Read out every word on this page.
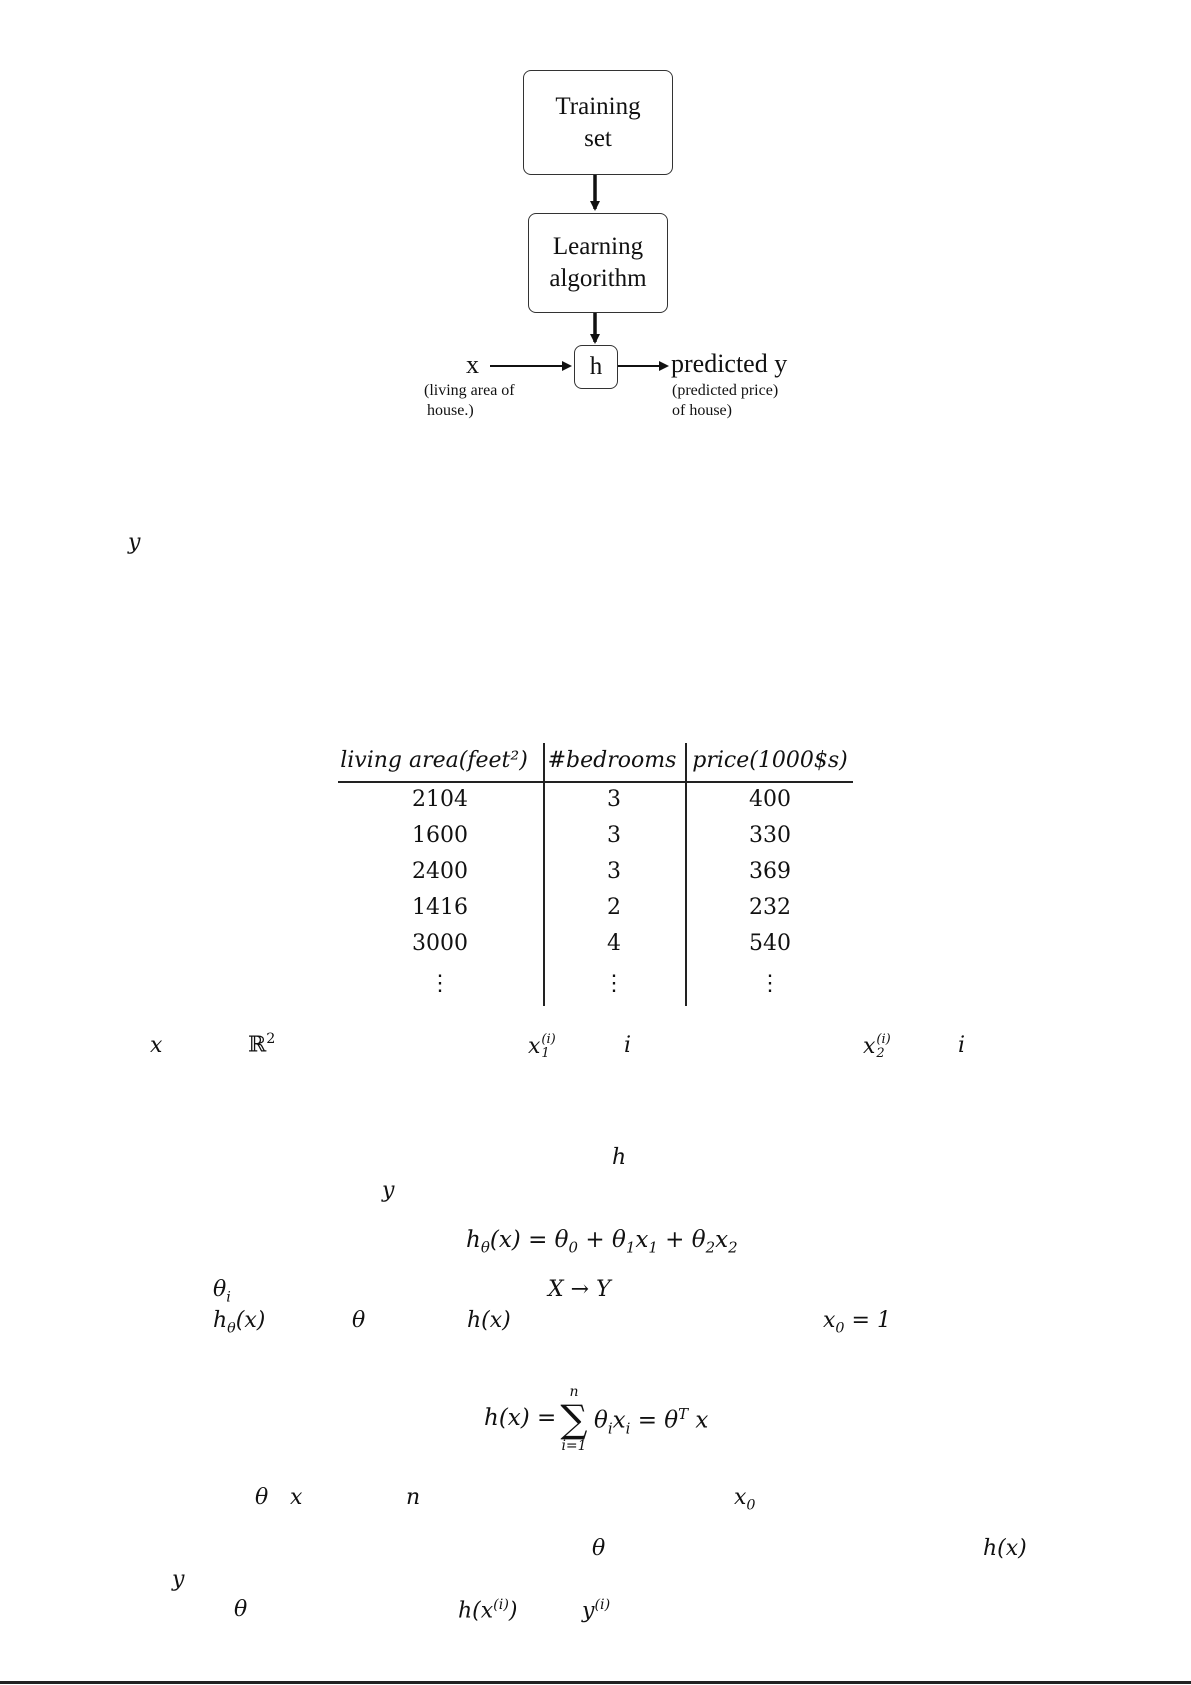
Training
set
Learning
algorithm
h
x
(living area of
house.)
predicted y
(predicted price)
of house)
y
living area(feet²) #bedrooms price(1000$s)
2104	3	400
1600	3	330
2400	3	369
1416	2	232
3000	4	540
⋮	⋮	⋮
x	ℝ$^2$	x (i)
1	i	x (i)
2	i
h
y
$h_\theta(x) = \theta_0 + \theta_1x_1 + \theta_2x_2$
$\theta_i$	X → Y
$h_\theta(x)$	θ	h(x)	$x_0 = 1$
h(x) =
n
∑
i=1
$\theta_ix_i = \theta^T$ x
θ x	n	$x_0$
θ	h(x)
y
θ	$h(x^{(i)})$	$y^{(i)}$
